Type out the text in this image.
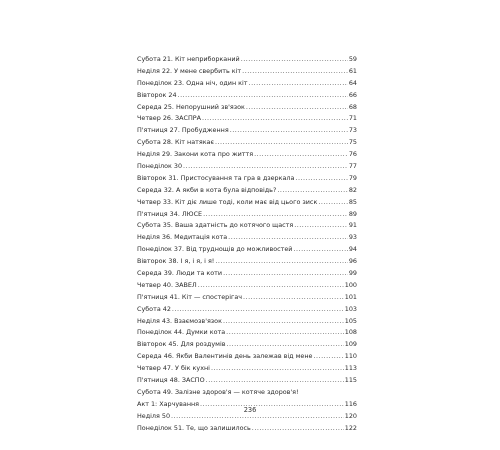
Субота 21. Кіт неприборканий .....	59
Неділя 22. У мене свербить кіт .....	61
Понеділок 23. Одна ніч, один кіт .....	64
Вівторок 24 .....	66
Середа 25. Непорушний зв'язок .....	68
Четвер 26. ЗАСПРА .....	71
П'ятниця 27. Пробудження .....	73
Субота 28. Кіт натякає .....	75
Неділя 29. Закони кота про життя .....	76
Понеділок 30 .....	77
Вівторок 31. Пристосування та гра в дзеркала .....	79
Середа 32. А якби в кота була відповідь? .....	82
Четвер 33. Кіт діє лише тоді, коли має від цього зиск .....	85
П'ятниця 34. ЛЮСЕ .....	89
Субота 35. Ваша здатність до котячого щастя .....	91
Неділя 36. Медитація кота .....	93
Понеділок 37. Від труднощів до можливостей .....	94
Вівторок 38. І я, і я, і я! .....	96
Середа 39. Люди та коти .....	99
Четвер 40. ЗАВЕЛ .....	100
П'ятниця 41. Кіт — спостерігач .....	101
Субота 42 .....	103
Неділя 43. Взаємозв'язок .....	105
Понеділок 44. Думки кота .....	108
Вівторок 45. Для роздумів .....	109
Середа 46. Якби Валентинів день залежав від мене .....	110
Четвер 47. У бік кухні .....	113
П'ятниця 48. ЗАСПО .....	115
Субота 49. Залізне здоров'я — котяче здоров'я!
Акт 1: Харчування .....	116
Неділя 50 .....	120
Понеділок 51. Те, що залишилось .....	122
236
